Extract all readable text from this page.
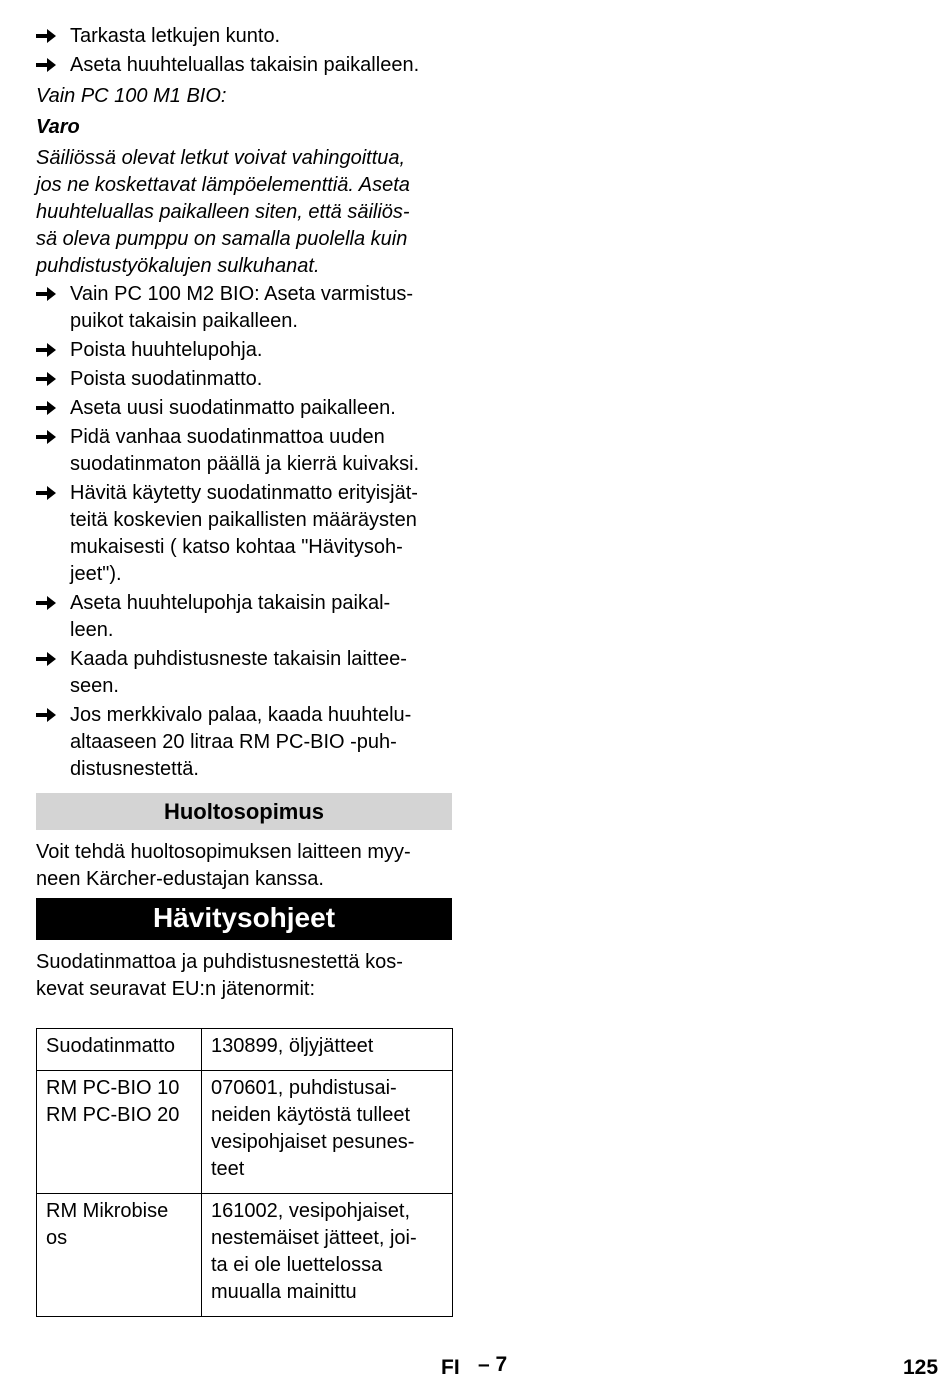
Tarkasta letkujen kunto.
Aseta huuhteluallas takaisin paikalleen.
Vain PC 100 M1 BIO:
Varo
Säiliössä olevat letkut voivat vahingoittua,
jos ne koskettavat lämpöelementtiä. Aseta
huuhteluallas paikalleen siten, että säiliös-
sä oleva pumppu on samalla puolella kuin
puhdistustyökalujen sulkuhanat.
Vain PC 100 M2 BIO: Aseta varmistus-
puikot takaisin paikalleen.
Poista huuhtelupohja.
Poista suodatinmatto.
Aseta uusi suodatinmatto paikalleen.
Pidä vanhaa suodatinmattoa uuden
suodatinmaton päällä ja kierrä kuivaksi.
Hävitä käytetty suodatinmatto erityisjät-
teitä koskevien paikallisten määräysten
mukaisesti ( katso kohtaa "Hävitysoh-
jeet").
Aseta huuhtelupohja takaisin paikal-
leen.
Kaada puhdistusneste takaisin laittee-
seen.
Jos merkkivalo palaa, kaada huuhtelu-
altaaseen 20 litraa RM PC-BIO -puh-
distusnestettä.
Huoltosopimus
Voit tehdä huoltosopimuksen laitteen myy-
neen Kärcher-edustajan kanssa.
Hävitysohjeet
Suodatinmattoa ja puhdistusnestettä kos-
kevat seuravat EU:n jätenormit:
Suodatinmatto	130899, öljyjätteet
RM PC-BIO 10
RM PC-BIO 20	070601, puhdistusai-
neiden käytöstä tulleet
vesipohjaiset pesunes-
teet
RM Mikrobise
os	161002, vesipohjaiset,
nestemäiset jätteet, joi-
ta ei ole luettelossa
muualla mainittu
FI – 7	125
